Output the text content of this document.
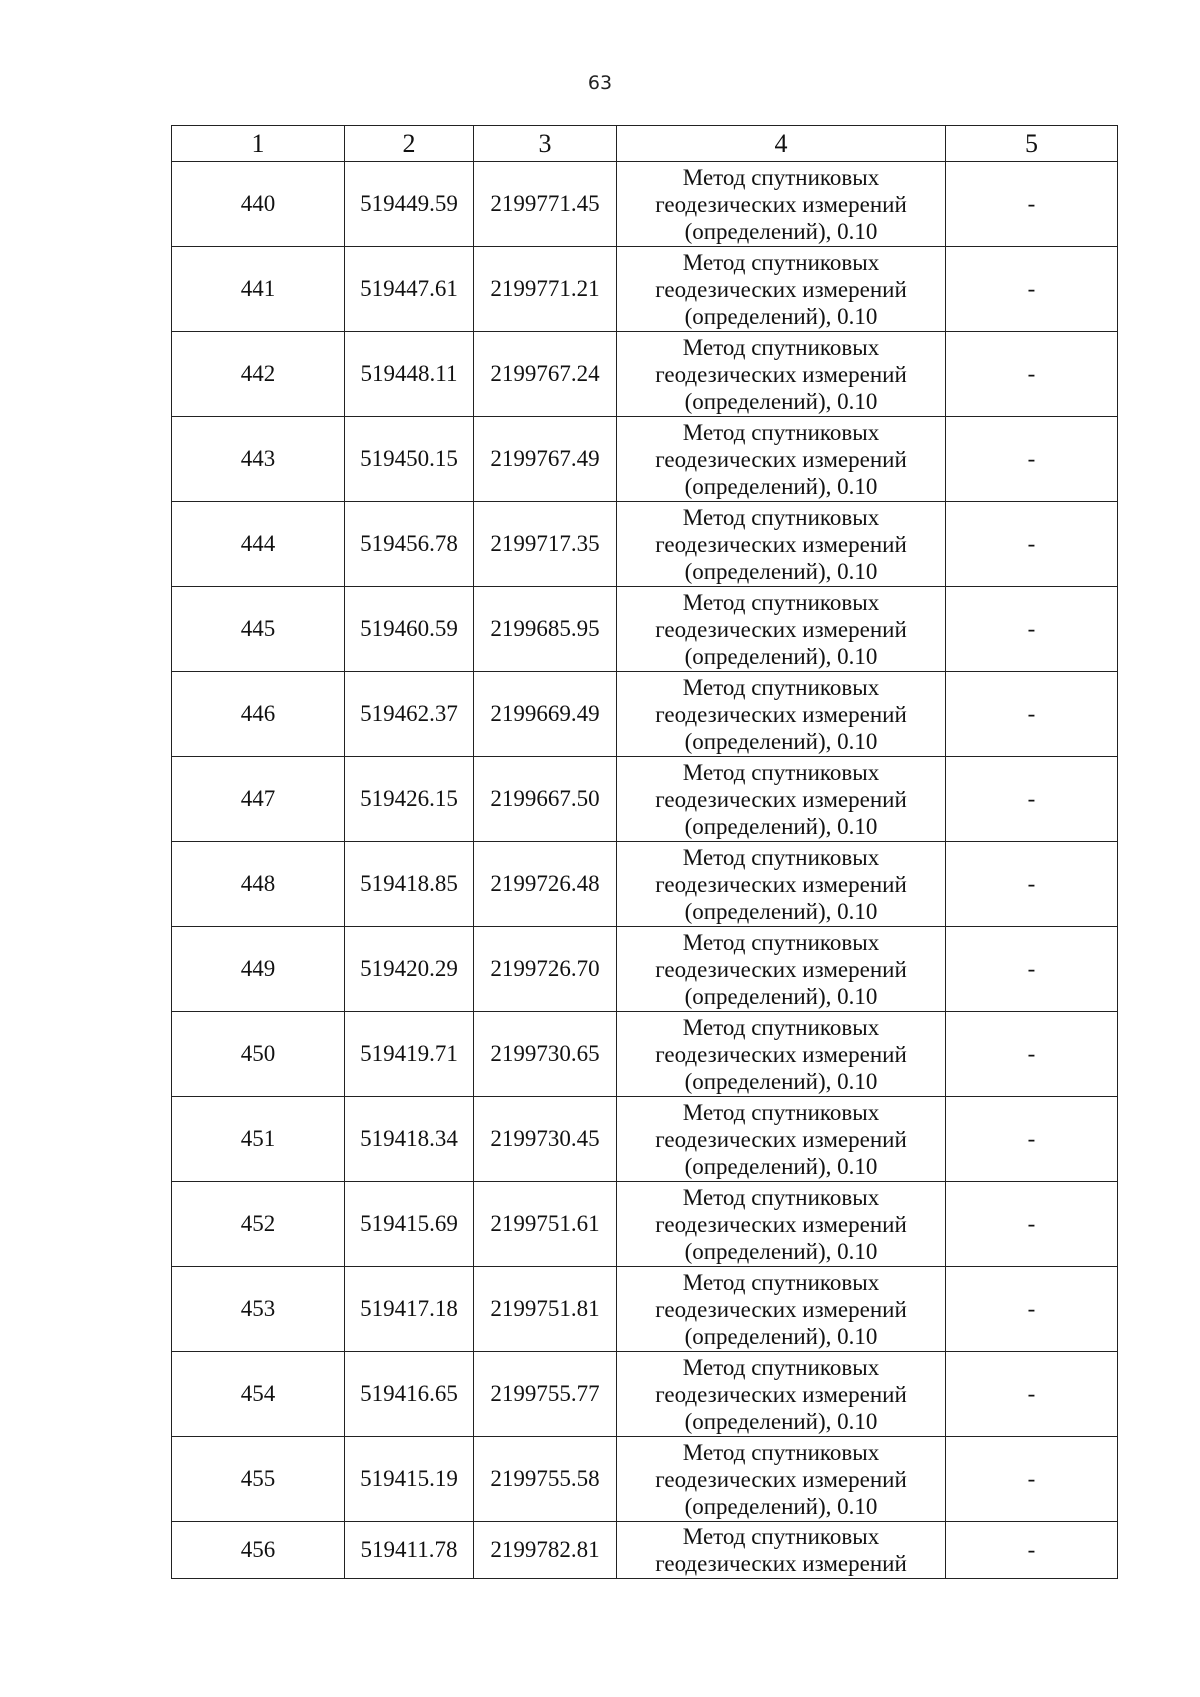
63
1	2	3	4	5
440	519449.59	2199771.45	Метод спутниковых геодезических измерений (определений), 0.10	-
441	519447.61	2199771.21	Метод спутниковых геодезических измерений (определений), 0.10	-
442	519448.11	2199767.24	Метод спутниковых геодезических измерений (определений), 0.10	-
443	519450.15	2199767.49	Метод спутниковых геодезических измерений (определений), 0.10	-
444	519456.78	2199717.35	Метод спутниковых геодезических измерений (определений), 0.10	-
445	519460.59	2199685.95	Метод спутниковых геодезических измерений (определений), 0.10	-
446	519462.37	2199669.49	Метод спутниковых геодезических измерений (определений), 0.10	-
447	519426.15	2199667.50	Метод спутниковых геодезических измерений (определений), 0.10	-
448	519418.85	2199726.48	Метод спутниковых геодезических измерений (определений), 0.10	-
449	519420.29	2199726.70	Метод спутниковых геодезических измерений (определений), 0.10	-
450	519419.71	2199730.65	Метод спутниковых геодезических измерений (определений), 0.10	-
451	519418.34	2199730.45	Метод спутниковых геодезических измерений (определений), 0.10	-
452	519415.69	2199751.61	Метод спутниковых геодезических измерений (определений), 0.10	-
453	519417.18	2199751.81	Метод спутниковых геодезических измерений (определений), 0.10	-
454	519416.65	2199755.77	Метод спутниковых геодезических измерений (определений), 0.10	-
455	519415.19	2199755.58	Метод спутниковых геодезических измерений (определений), 0.10	-
456	519411.78	2199782.81	Метод спутниковых геодезических измерений	-
